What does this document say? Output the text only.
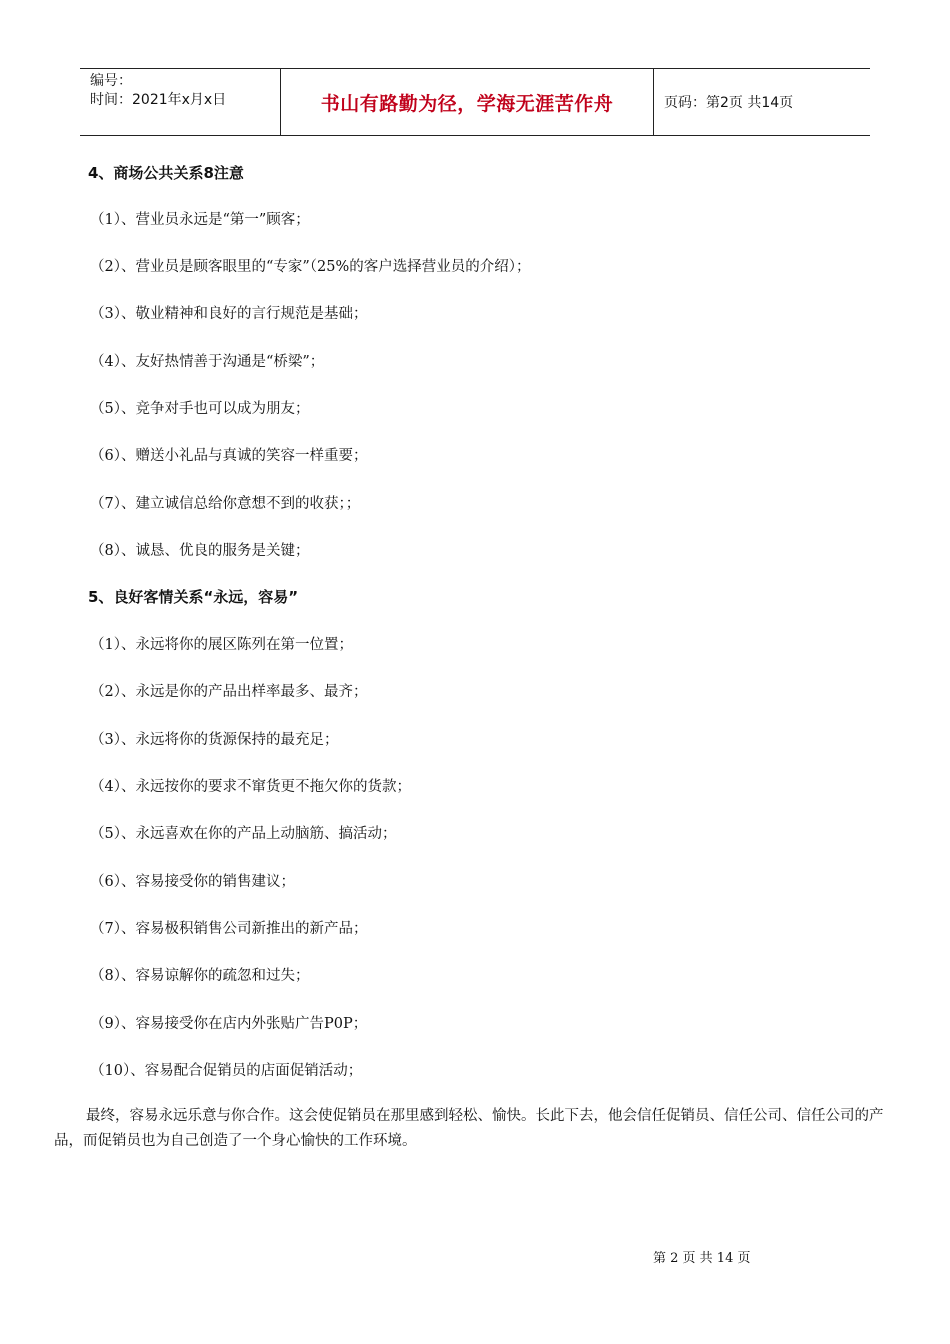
编号：
时间：2021年x月x日	书山有路勤为径，学海无涯苦作舟	页码：第2页 共14页
4、商场公共关系8注意
（1）、营业员永远是“第一”顾客；
（2）、营业员是顾客眼里的“专家”（25%的客户选择营业员的介绍）；
（3）、敬业精神和良好的言行规范是基础；
（4）、友好热情善于沟通是“桥梁”；
（5）、竞争对手也可以成为朋友；
（6）、赠送小礼品与真诚的笑容一样重要；
（7）、建立诚信总给你意想不到的收获；；
（8）、诚恳、优良的服务是关键；
5、良好客情关系“永远，容易”
（1）、永远将你的展区陈列在第一位置；
（2）、永远是你的产品出样率最多、最齐；
（3）、永远将你的货源保持的最充足；
（4）、永远按你的要求不窜货更不拖欠你的货款；
（5）、永远喜欢在你的产品上动脑筋、搞活动；
（6）、容易接受你的销售建议；
（7）、容易极积销售公司新推出的新产品；
（8）、容易谅解你的疏忽和过失；
（9）、容易接受你在店内外张贴广告P0P；
（10）、容易配合促销员的店面促销活动；
最终，容易永远乐意与你合作。这会使促销员在那里感到轻松、愉快。长此下去，他会信任促销员、信任公司、信任公司的产品，而促销员也为自己创造了一个身心愉快的工作环境。
第 2 页 共 14 页
